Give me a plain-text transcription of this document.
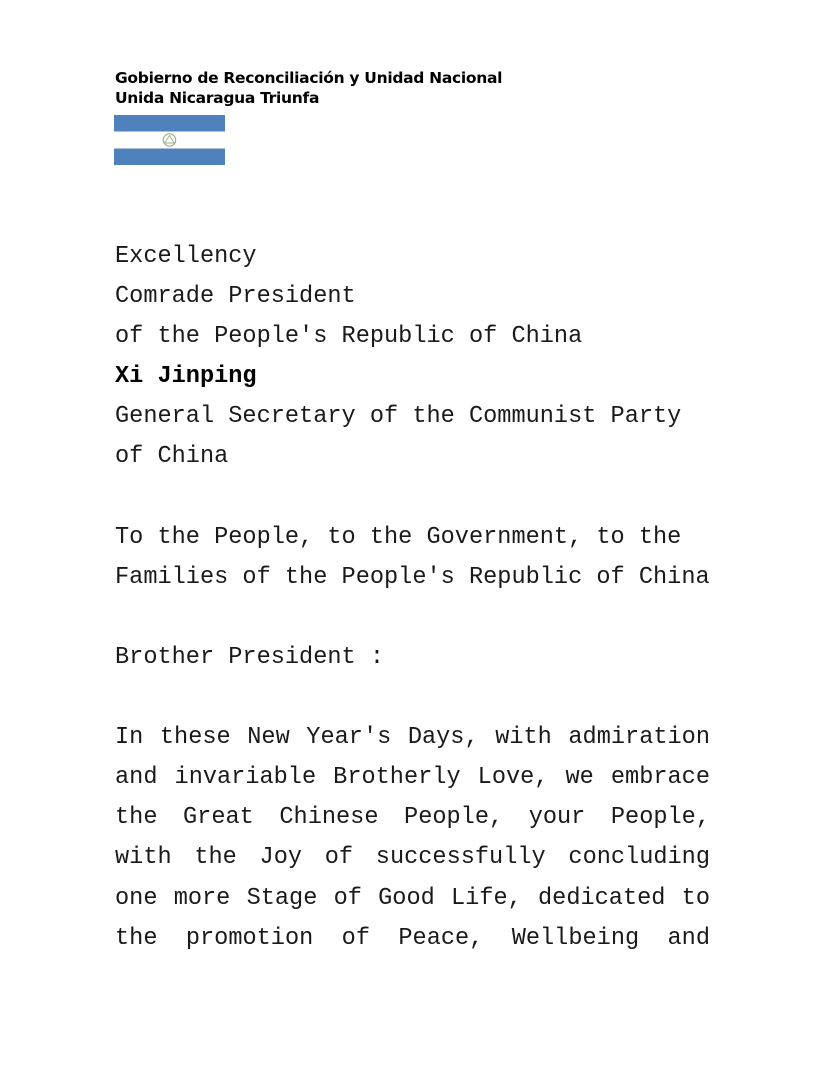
Gobierno de Reconciliación y Unidad Nacional
Unida Nicaragua Triunfa
Excellency
Comrade President
of the People's Republic of China
Xi Jinping
General Secretary of the Communist Party
of China
To the People, to the Government, to the
Families of the People's Republic of China
Brother President :
In these New Year's Days, with admiration
and invariable Brotherly Love, we embrace
the Great Chinese People, your People,
with the Joy of successfully concluding
one more Stage of Good Life, dedicated to
the promotion of Peace, Wellbeing and
